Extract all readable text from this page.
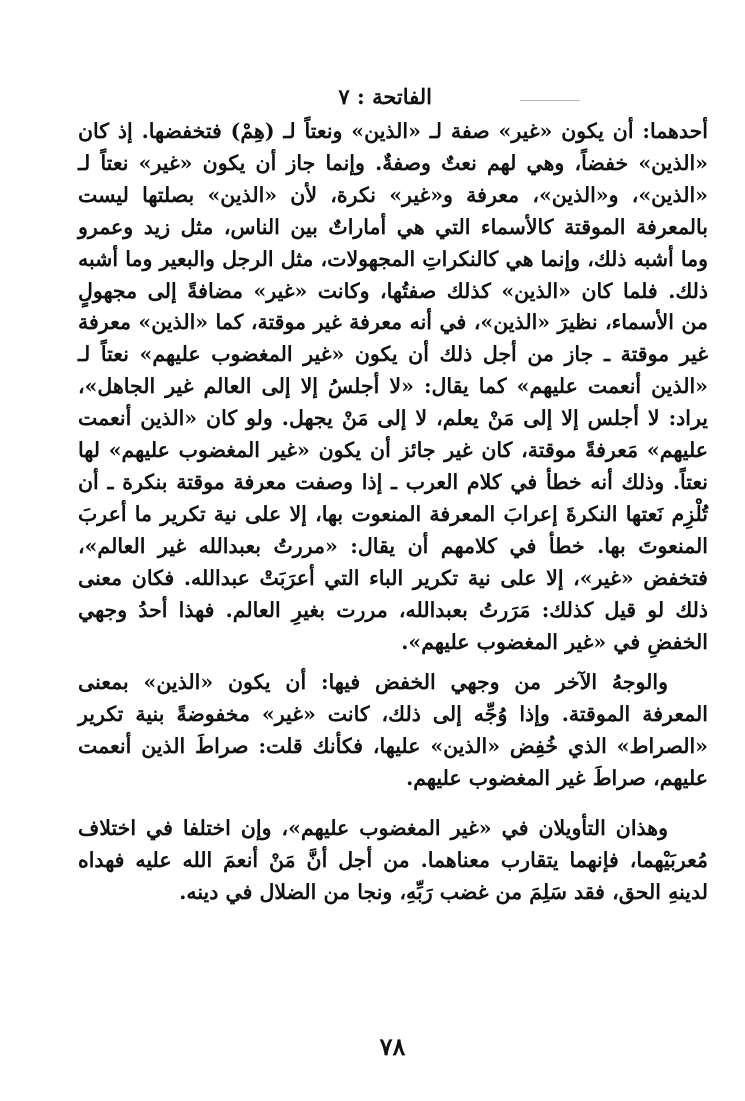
الفاتحة : ٧

أحدهما: أن يكون «غير» صفة لـ «الذين» ونعتاً لـ (هِمْ) فتخفضها. إذ كان «الذين» خفضاً، وهي لهم نعتٌ وصفةٌ. وإنما جاز أن يكون «غير» نعتاً لـ «الذين»، و«الذين»، معرفة و«غير» نكرة، لأن «الذين» بصلتها ليست بالمعرفة الموقتة كالأسماء التي هي أماراتٌ بين الناس، مثل زيد وعمرو وما أشبه ذلك، وإنما هي كالنكراتِ المجهولات، مثل الرجل والبعير وما أشبه ذلك. فلما كان «الذين» كذلك صفتُها، وكانت «غير» مضافةً إلى مجهولٍ من الأسماء، نظيرَ «الذين»، في أنه معرفة غير موقتة، كما «الذين» معرفة غير موقتة ـ جاز من أجل ذلك أن يكون «غير المغضوب عليهم» نعتاً لـ «الذين أنعمت عليهم» كما يقال: «لا أجلسُ إلا إلى العالم غير الجاهل»، يراد: لا أجلس إلا إلى مَنْ يعلم، لا إلى مَنْ يجهل. ولو كان «الذين أنعمت عليهم» مَعرفةً موقتة، كان غير جائز أن يكون «غير المغضوب عليهم» لها نعتاً. وذلك أنه خطأ في كلام العرب ـ إذا وصفت معرفة موقتة بنكرة ـ أن تُلْزِم نَعتها النكرةَ إعرابَ المعرفة المنعوت بها، إلا على نية تكرير ما أعربَ المنعوتَ بها. خطأ في كلامهم أن يقال: «مررتُ بعبدالله غير العالم»، فتخفض «غير»، إلا على نية تكرير الباء التي أعرَبَتْ عبدالله. فكان معنى ذلك لو قيل كذلك: مَرَرتُ بعبدالله، مررت بغيرِ العالم. فهذا أحدُ وجهي الخفضِ في «غير المغضوب عليهم».

والوجهُ الآخر من وجهي الخفض فيها: أن يكون «الذين» بمعنى المعرفة الموقتة. وإذا وُجِّه إلى ذلك، كانت «غير» مخفوضةً بنية تكرير «الصراط» الذي خُفِض «الذين» عليها، فكأنك قلت: صراطَ الذين أنعمت عليهم، صراطَ غير المغضوب عليهم.

وهذان التأويلان في «غير المغضوب عليهم»، وإن اختلفا في اختلاف مُعربَيْهما، فإنهما يتقارب معناهما. من أجل أنَّ مَنْ أنعمَ الله عليه فهداه لدينهِ الحق، فقد سَلِمَ من غضب رَبِّهِ، ونجا من الضلال في دينه.

٧٨
